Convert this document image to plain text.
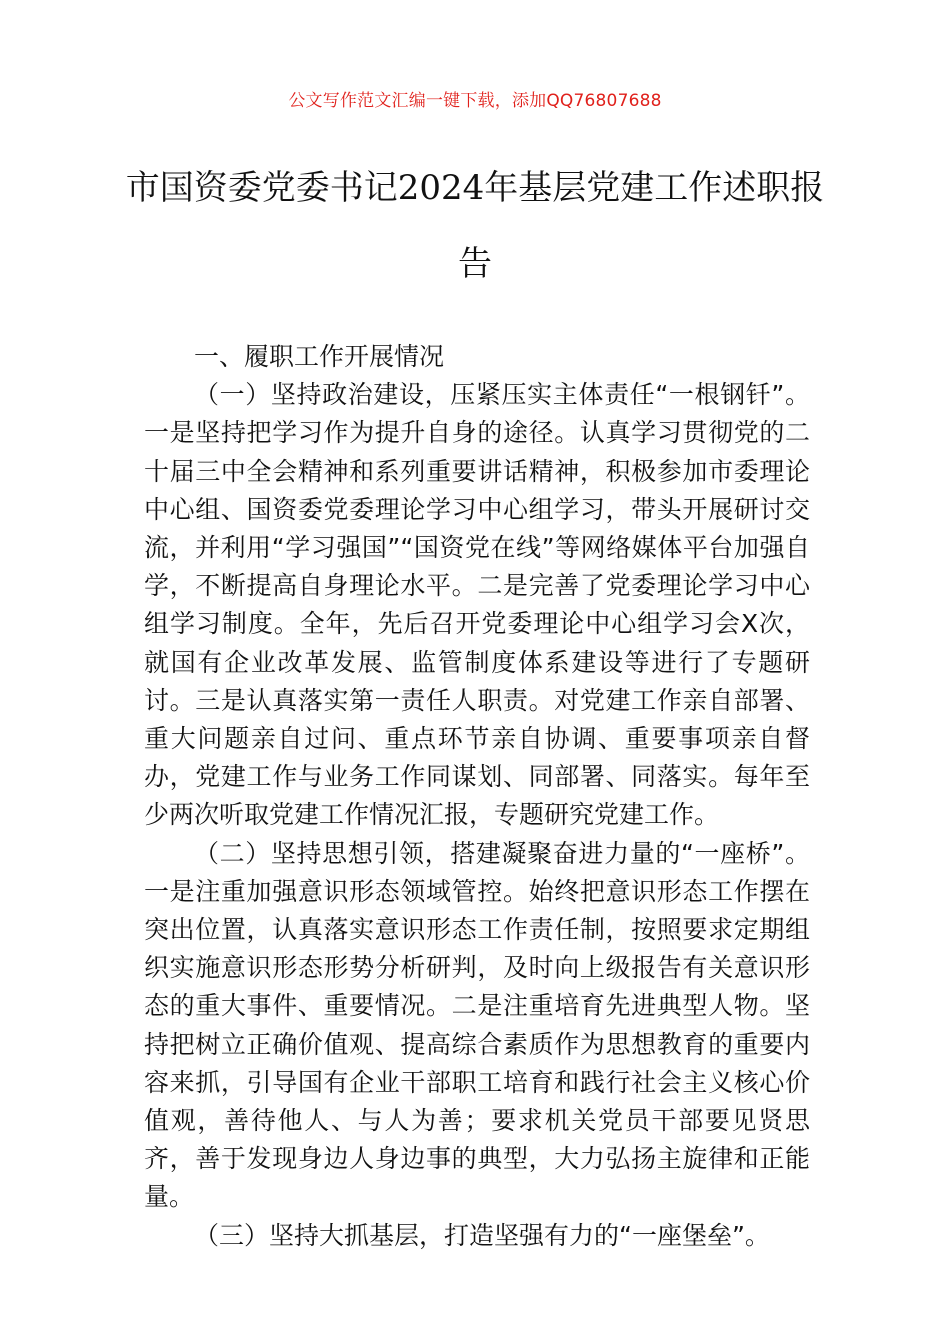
公文写作范文汇编一键下载，添加QQ76807688
市国资委党委书记2024年基层党建工作述职报告

一、履职工作开展情况

（一）坚持政治建设，压紧压实主体责任“一根钢钎”。一是坚持把学习作为提升自身的途径。认真学习贯彻党的二十届三中全会精神和系列重要讲话精神，积极参加市委理论中心组、国资委党委理论学习中心组学习，带头开展研讨交流，并利用“学习强国”“国资党在线”等网络媒体平台加强自学，不断提高自身理论水平。二是完善了党委理论学习中心组学习制度。全年，先后召开党委理论中心组学习会X次，就国有企业改革发展、监管制度体系建设等进行了专题研讨。三是认真落实第一责任人职责。对党建工作亲自部署、重大问题亲自过问、重点环节亲自协调、重要事项亲自督办，党建工作与业务工作同谋划、同部署、同落实。每年至少两次听取党建工作情况汇报，专题研究党建工作。

（二）坚持思想引领，搭建凝聚奋进力量的“一座桥”。一是注重加强意识形态领域管控。始终把意识形态工作摆在突出位置，认真落实意识形态工作责任制，按照要求定期组织实施意识形态形势分析研判，及时向上级报告有关意识形态的重大事件、重要情况。二是注重培育先进典型人物。坚持把树立正确价值观、提高综合素质作为思想教育的重要内容来抓，引导国有企业干部职工培育和践行社会主义核心价值观，善待他人、与人为善；要求机关党员干部要见贤思齐，善于发现身边人身边事的典型，大力弘扬主旋律和正能量。

（三）坚持大抓基层，打造坚强有力的“一座堡垒”。
